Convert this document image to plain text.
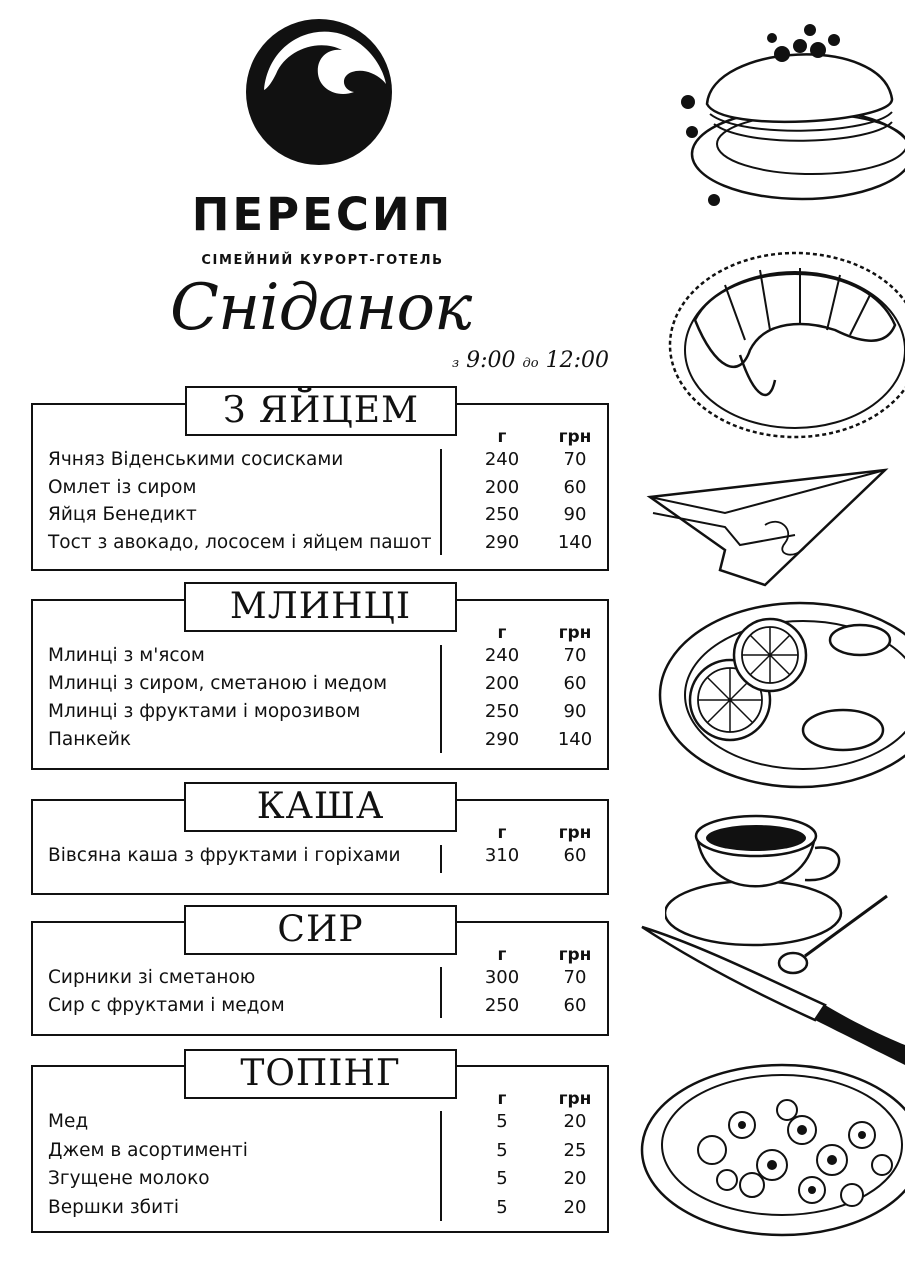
ПЕРЕСИП
СІМЕЙНИЙ КУРОРТ-ГОТЕЛЬ
Сніданок
з 9:00 до 12:00
З ЯЙЦЕМ
г	грн
Ячняз Віденськими сосисками	240	70
Омлет із сиром	200	60
Яйця Бенедикт	250	90
Тост з авокадо, лососем і яйцем пашот	290	140
МЛИНЦІ
г	грн
Млинці з м'ясом	240	70
Млинці з сиром, сметаною і медом	200	60
Млинці з фруктами і морозивом	250	90
Панкейк	290	140
КАША
г	грн
Вівсяна каша з фруктами і горіхами	310	60
СИР
г	грн
Сирники зі сметаною	300	70
Сир с фруктами і медом	250	60
ТОПІНГ
г	грн
Мед	5	20
Джем в асортименті	5	25
Згущене молоко	5	20
Вершки збиті	5	20
